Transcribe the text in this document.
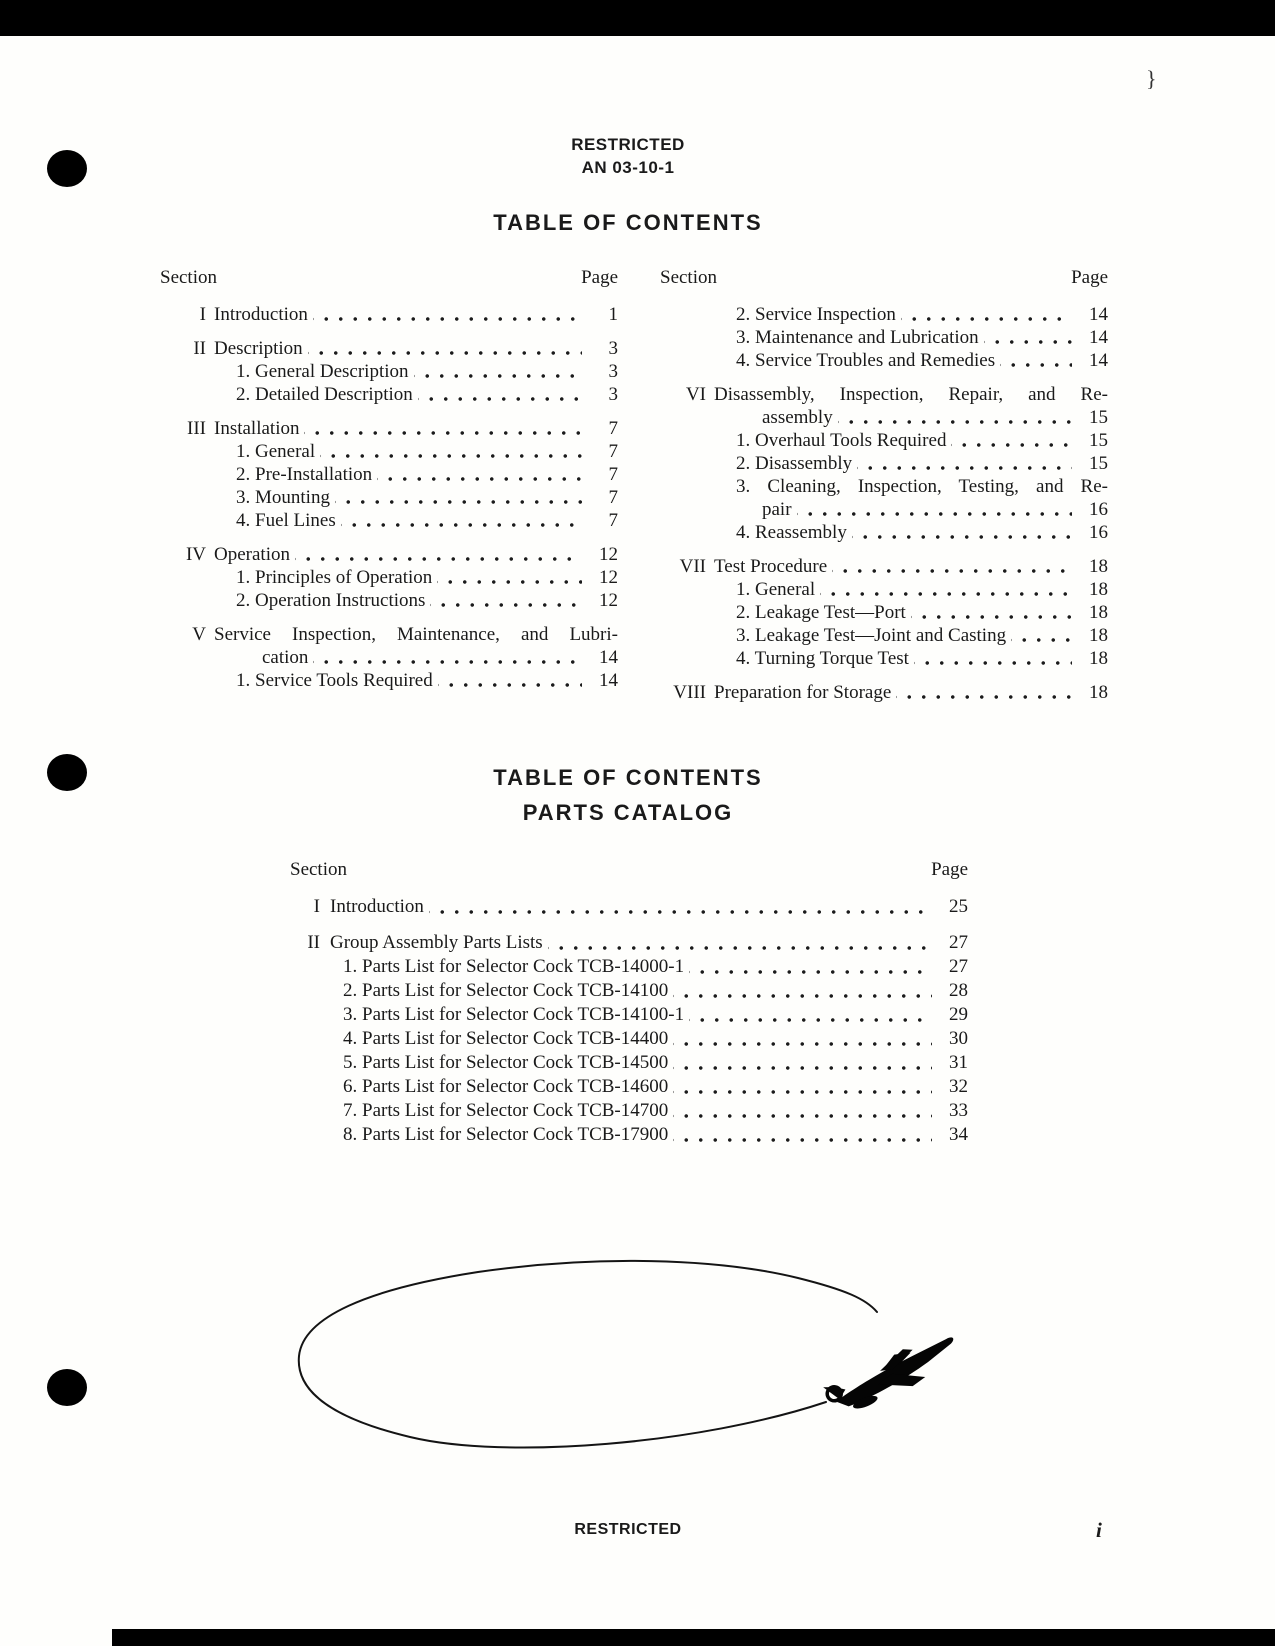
}
RESTRICTED
AN 03-10-1
TABLE OF CONTENTS
Section	Page
I Introduction	1
II Description	3
1. General Description	3
2. Detailed Description	3
III Installation	7
1. General	7
2. Pre-Installation	7
3. Mounting	7
4. Fuel Lines	7
IV Operation	12
1. Principles of Operation	12
2. Operation Instructions	12
V Service Inspection, Maintenance, and Lubri-
cation	14
1. Service Tools Required	14
Section	Page
2. Service Inspection	14
3. Maintenance and Lubrication	14
4. Service Troubles and Remedies	14
VI Disassembly, Inspection, Repair, and Re-
assembly	15
1. Overhaul Tools Required	15
2. Disassembly	15
3. Cleaning, Inspection, Testing, and Re-
pair	16
4. Reassembly	16
VII Test Procedure	18
1. General	18
2. Leakage Test—Port	18
3. Leakage Test—Joint and Casting	18
4. Turning Torque Test	18
VIII Preparation for Storage	18
TABLE OF CONTENTS
PARTS CATALOG
Section	Page
I Introduction	25
II Group Assembly Parts Lists	27
1. Parts List for Selector Cock TCB-14000-1	27
2. Parts List for Selector Cock TCB-14100	28
3. Parts List for Selector Cock TCB-14100-1	29
4. Parts List for Selector Cock TCB-14400	30
5. Parts List for Selector Cock TCB-14500	31
6. Parts List for Selector Cock TCB-14600	32
7. Parts List for Selector Cock TCB-14700	33
8. Parts List for Selector Cock TCB-17900	34
RESTRICTED	i
